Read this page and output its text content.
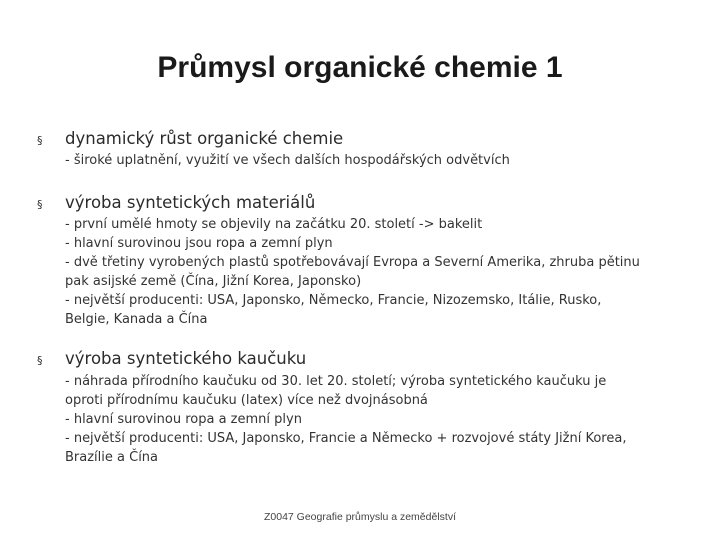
Průmysl organické chemie 1
§ dynamický růst organické chemie
- široké uplatnění, využití ve všech dalších hospodářských odvětvích
§ výroba syntetických materiálů
- první umělé hmoty se objevily na začátku 20. století -> bakelit
- hlavní surovinou jsou ropa a zemní plyn
- dvě třetiny vyrobených plastů spotřebovávají Evropa a Severní Amerika, zhruba pětinu
pak asijské země (Čína, Jižní Korea, Japonsko)
- největší producenti: USA, Japonsko, Německo, Francie, Nizozemsko, Itálie, Rusko,
Belgie, Kanada a Čína
§ výroba syntetického kaučuku
- náhrada přírodního kaučuku od 30. let 20. století; výroba syntetického kaučuku je
oproti přírodnímu kaučuku (latex) více než dvojnásobná
- hlavní surovinou ropa a zemní plyn
- největší producenti: USA, Japonsko, Francie a Německo + rozvojové státy Jižní Korea,
Brazílie a Čína
Z0047 Geografie průmyslu a zemědělství
